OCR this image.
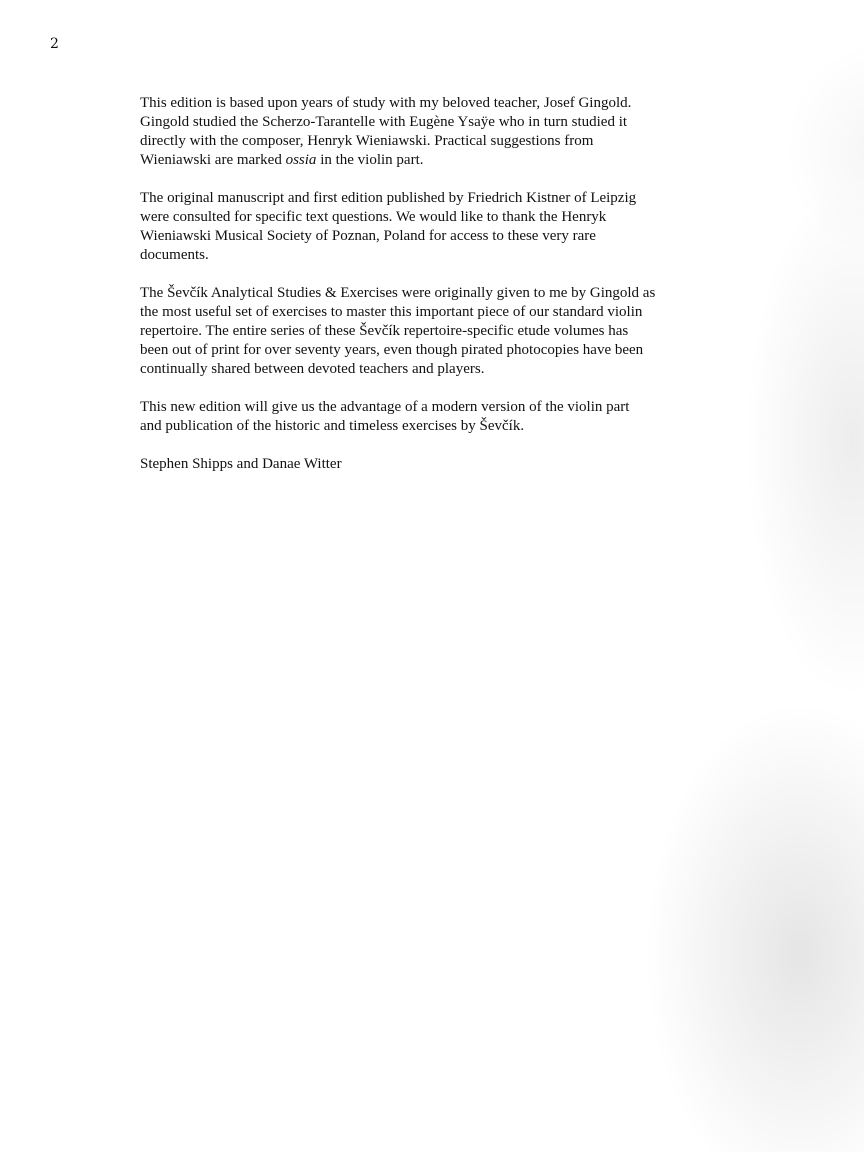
2

This edition is based upon years of study with my beloved teacher, Josef Gingold.
Gingold studied the Scherzo-Tarantelle with Eugène Ysaÿe who in turn studied it
directly with the composer, Henryk Wieniawski. Practical suggestions from
Wieniawski are marked ossia in the violin part.

The original manuscript and first edition published by Friedrich Kistner of Leipzig
were consulted for specific text questions. We would like to thank the Henryk
Wieniawski Musical Society of Poznan, Poland for access to these very rare
documents.

The Ševčík Analytical Studies & Exercises were originally given to me by Gingold as
the most useful set of exercises to master this important piece of our standard violin
repertoire. The entire series of these Ševčík repertoire-specific etude volumes has
been out of print for over seventy years, even though pirated photocopies have been
continually shared between devoted teachers and players.

This new edition will give us the advantage of a modern version of the violin part
and publication of the historic and timeless exercises by Ševčík.

Stephen Shipps and Danae Witter
